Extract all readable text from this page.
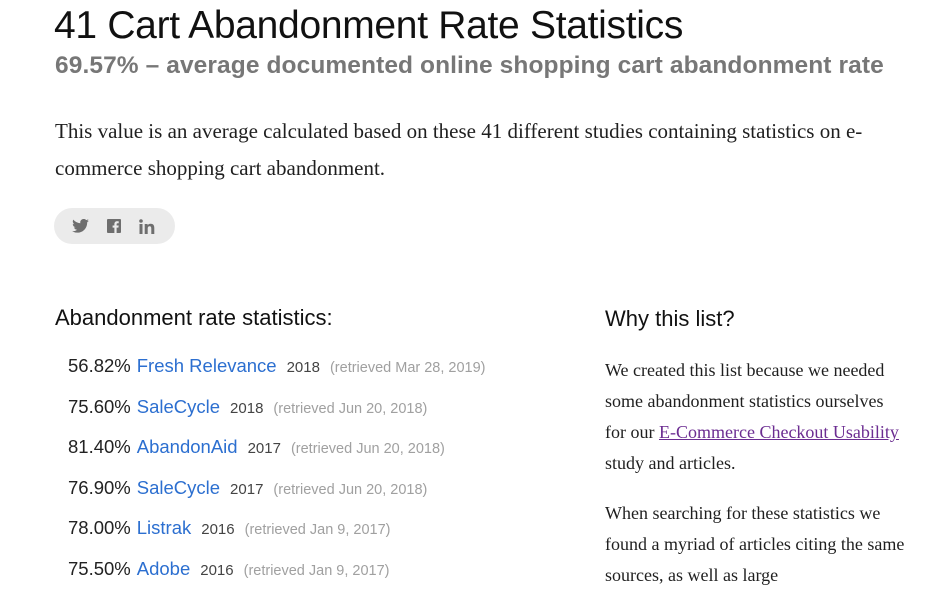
41 Cart Abandonment Rate Statistics
69.57% – average documented online shopping cart abandonment rate

This value is an average calculated based on these 41 different studies containing statistics on e-commerce shopping cart abandonment.

Abandonment rate statistics:
56.82% Fresh Relevance 2018 (retrieved Mar 28, 2019)
75.60% SaleCycle 2018 (retrieved Jun 20, 2018)
81.40% AbandonAid 2017 (retrieved Jun 20, 2018)
76.90% SaleCycle 2017 (retrieved Jun 20, 2018)
78.00% Listrak 2016 (retrieved Jan 9, 2017)
75.50% Adobe 2016 (retrieved Jan 9, 2017)
Why this list?

We created this list because we needed some abandonment statistics ourselves for our E-Commerce Checkout Usability study and articles.

When searching for these statistics we found a myriad of articles citing the same sources, as well as large
